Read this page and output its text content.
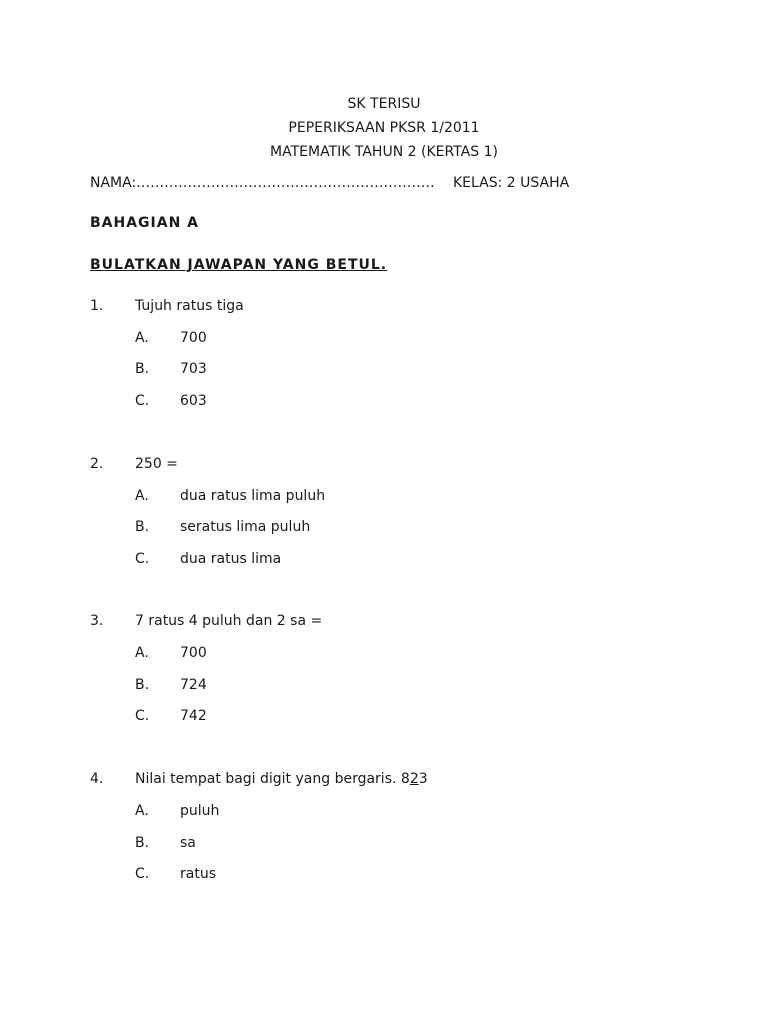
SK TERISU
PEPERIKSAAN PKSR 1/2011
MATEMATIK TAHUN 2 (KERTAS 1)
NAMA:………………………………………………………. KELAS: 2 USAHA
BAHAGIAN A
BULATKAN JAWAPAN YANG BETUL.
1. Tujuh ratus tiga
A. 700
B. 703
C. 603
2. 250 =
A. dua ratus lima puluh
B. seratus lima puluh
C. dua ratus lima
3. 7 ratus 4 puluh dan 2 sa =
A. 700
B. 724
C. 742
4. Nilai tempat bagi digit yang bergaris. 823
A. puluh
B. sa
C. ratus
